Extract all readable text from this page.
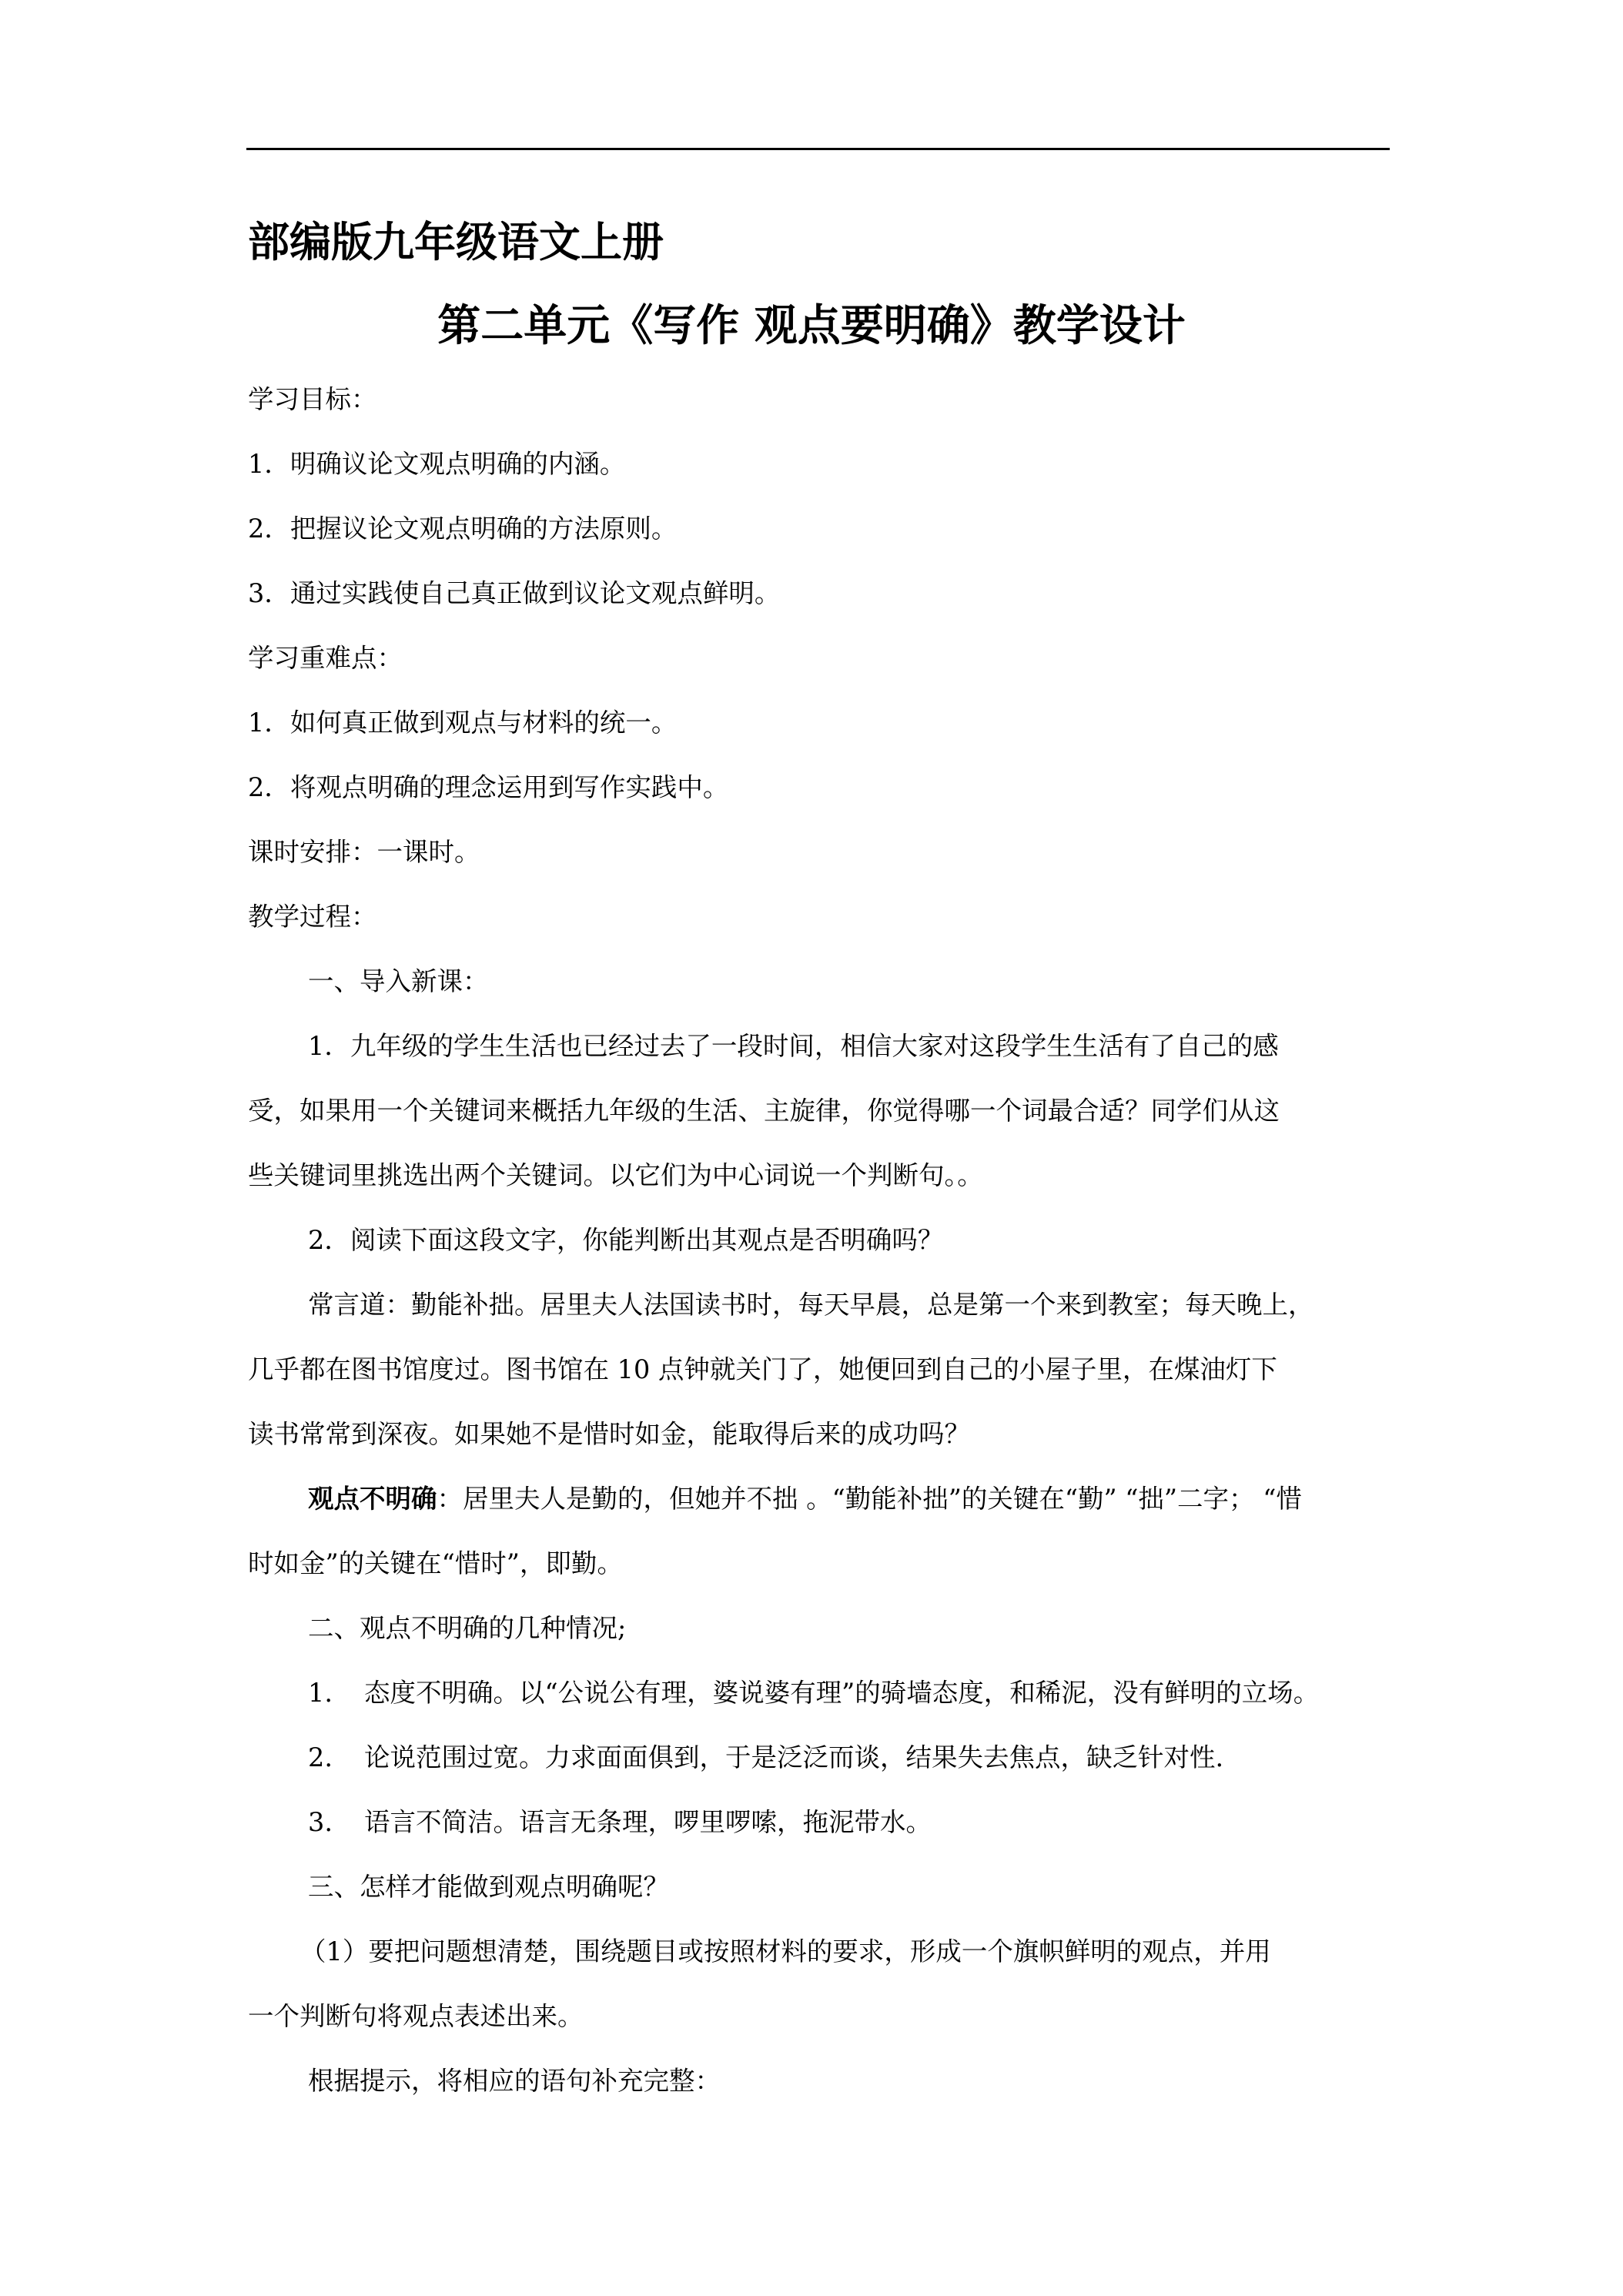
部编版九年级语文上册
第二单元《写作 观点要明确》教学设计
学习目标：
1．明确议论文观点明确的内涵。
2．把握议论文观点明确的方法原则。
3．通过实践使自己真正做到议论文观点鲜明。
学习重难点：
1．如何真正做到观点与材料的统一。
2．将观点明确的理念运用到写作实践中。
课时安排：一课时。
教学过程：
一、导入新课：
1．九年级的学生生活也已经过去了一段时间，相信大家对这段学生生活有了自己的感
受，如果用一个关键词来概括九年级的生活、主旋律，你觉得哪一个词最合适？同学们从这
些关键词里挑选出两个关键词。以它们为中心词说一个判断句。。
2．阅读下面这段文字，你能判断出其观点是否明确吗？
常言道：勤能补拙。居里夫人法国读书时，每天早晨，总是第一个来到教室；每天晚上，
几乎都在图书馆度过。图书馆在 10 点钟就关门了，她便回到自己的小屋子里，在煤油灯下
读书常常到深夜。如果她不是惜时如金，能取得后来的成功吗？
观点不明确：居里夫人是勤的，但她并不拙 。“勤能补拙”的关键在“勤” “拙”二字； “惜
时如金”的关键在“惜时”，即勤。
二、观点不明确的几种情况;
1. 态度不明确。以“公说公有理，婆说婆有理”的骑墙态度，和稀泥，没有鲜明的立场。
2. 论说范围过宽。力求面面俱到，于是泛泛而谈，结果失去焦点，缺乏针对性.
3. 语言不简洁。语言无条理，啰里啰嗦，拖泥带水。
三、怎样才能做到观点明确呢？
（1）要把问题想清楚，围绕题目或按照材料的要求，形成一个旗帜鲜明的观点，并用
一个判断句将观点表述出来。
根据提示，将相应的语句补充完整：
